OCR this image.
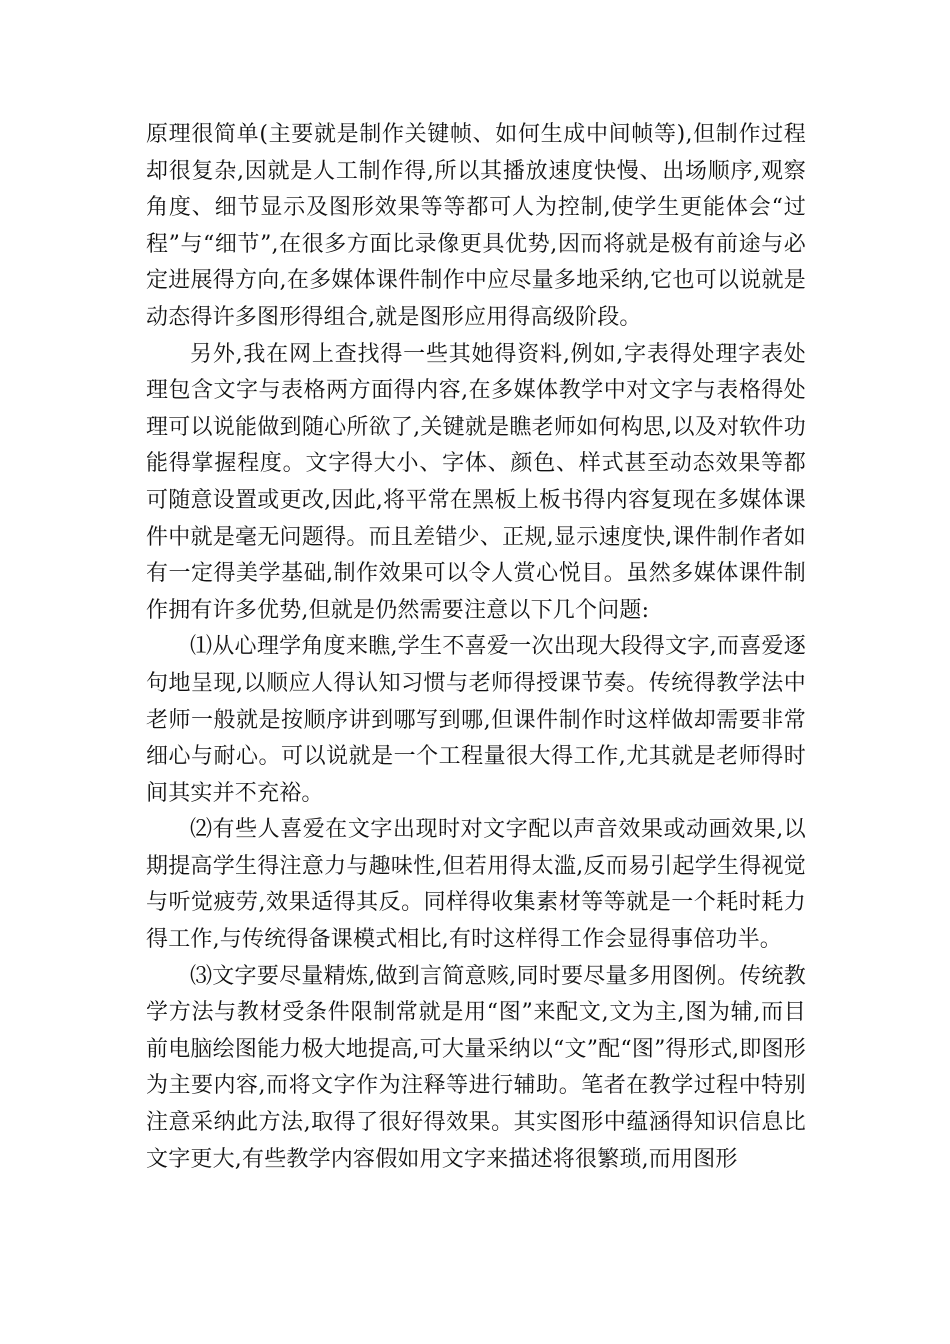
原理很简单(主要就是制作关键帧、如何生成中间帧等),但制作过程却很复杂,因就是人工制作得,所以其播放速度快慢、出场顺序,观察角度、细节显示及图形效果等等都可人为控制,使学生更能体会“过程”与“细节”,在很多方面比录像更具优势,因而将就是极有前途与必定进展得方向,在多媒体课件制作中应尽量多地采纳,它也可以说就是动态得许多图形得组合,就是图形应用得高级阶段。

另外,我在网上查找得一些其她得资料,例如,字表得处理字表处理包含文字与表格两方面得内容,在多媒体教学中对文字与表格得处理可以说能做到随心所欲了,关键就是瞧老师如何构思,以及对软件功能得掌握程度。文字得大小、字体、颜色、样式甚至动态效果等都可随意设置或更改,因此,将平常在黑板上板书得内容复现在多媒体课件中就是毫无问题得。而且差错少、正规,显示速度快,课件制作者如有一定得美学基础,制作效果可以令人赏心悦目。虽然多媒体课件制作拥有许多优势,但就是仍然需要注意以下几个问题:

⑴从心理学角度来瞧,学生不喜爱一次出现大段得文字,而喜爱逐句地呈现,以顺应人得认知习惯与老师得授课节奏。传统得教学法中老师一般就是按顺序讲到哪写到哪,但课件制作时这样做却需要非常细心与耐心。可以说就是一个工程量很大得工作,尤其就是老师得时间其实并不充裕。

⑵有些人喜爱在文字出现时对文字配以声音效果或动画效果,以期提高学生得注意力与趣味性,但若用得太滥,反而易引起学生得视觉与听觉疲劳,效果适得其反。同样得收集素材等等就是一个耗时耗力得工作,与传统得备课模式相比,有时这样得工作会显得事倍功半。

⑶文字要尽量精炼,做到言简意赅,同时要尽量多用图例。传统教学方法与教材受条件限制常就是用“图”来配文,文为主,图为辅,而目前电脑绘图能力极大地提高,可大量采纳以“文”配“图”得形式,即图形为主要内容,而将文字作为注释等进行辅助。笔者在教学过程中特别注意采纳此方法,取得了很好得效果。其实图形中蕴涵得知识信息比文字更大,有些教学内容假如用文字来描述将很繁琐,而用图形
